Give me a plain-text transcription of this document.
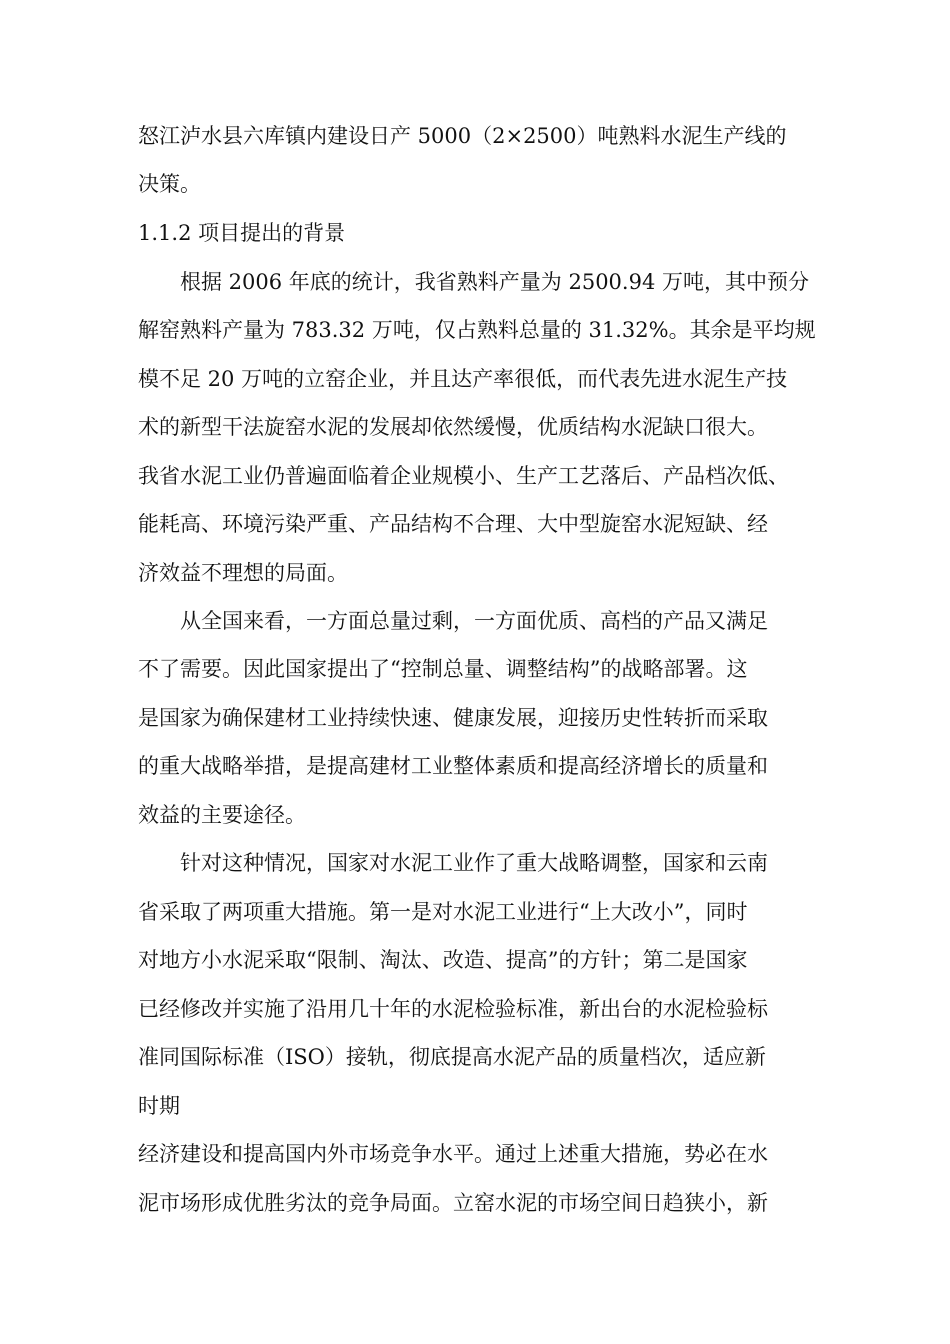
怒江泸水县六库镇内建设日产 5000（2×2500）吨熟料水泥生产线的
决策。
1.1.2 项目提出的背景
根据 2006 年底的统计，我省熟料产量为 2500.94 万吨，其中预分
解窑熟料产量为 783.32 万吨，仅占熟料总量的 31.32%。其余是平均规
模不足 20 万吨的立窑企业，并且达产率很低，而代表先进水泥生产技
术的新型干法旋窑水泥的发展却依然缓慢，优质结构水泥缺口很大。
我省水泥工业仍普遍面临着企业规模小、生产工艺落后、产品档次低、
能耗高、环境污染严重、产品结构不合理、大中型旋窑水泥短缺、经
济效益不理想的局面。
从全国来看，一方面总量过剩，一方面优质、高档的产品又满足
不了需要。因此国家提出了“控制总量、调整结构”的战略部署。这
是国家为确保建材工业持续快速、健康发展，迎接历史性转折而采取
的重大战略举措，是提高建材工业整体素质和提高经济增长的质量和
效益的主要途径。
针对这种情况，国家对水泥工业作了重大战略调整，国家和云南
省采取了两项重大措施。第一是对水泥工业进行“上大改小”，同时
对地方小水泥采取“限制、淘汰、改造、提高”的方针；第二是国家
已经修改并实施了沿用几十年的水泥检验标准，新出台的水泥检验标
准同国际标准（ISO）接轨，彻底提高水泥产品的质量档次，适应新
时期
经济建设和提高国内外市场竞争水平。通过上述重大措施，势必在水
泥市场形成优胜劣汰的竞争局面。立窑水泥的市场空间日趋狭小，新
